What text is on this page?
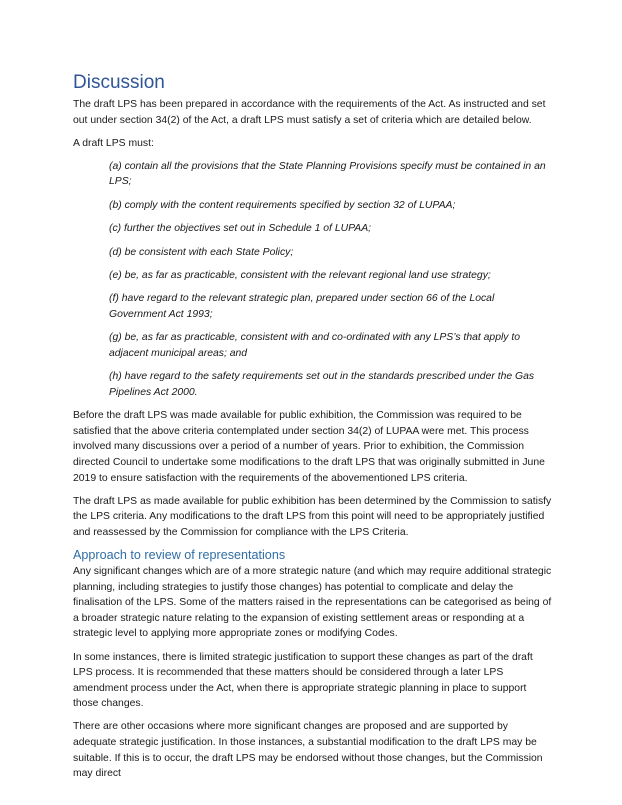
Discussion

The draft LPS has been prepared in accordance with the requirements of the Act. As instructed and set out under section 34(2) of the Act, a draft LPS must satisfy a set of criteria which are detailed below.

A draft LPS must:

(a) contain all the provisions that the State Planning Provisions specify must be contained in an LPS;
(b) comply with the content requirements specified by section 32 of LUPAA;
(c) further the objectives set out in Schedule 1 of LUPAA;
(d) be consistent with each State Policy;
(e) be, as far as practicable, consistent with the relevant regional land use strategy;
(f) have regard to the relevant strategic plan, prepared under section 66 of the Local Government Act 1993;
(g) be, as far as practicable, consistent with and co-ordinated with any LPS’s that apply to adjacent municipal areas; and
(h) have regard to the safety requirements set out in the standards prescribed under the Gas Pipelines Act 2000.

Before the draft LPS was made available for public exhibition, the Commission was required to be satisfied that the above criteria contemplated under section 34(2) of LUPAA were met. This process involved many discussions over a period of a number of years. Prior to exhibition, the Commission directed Council to undertake some modifications to the draft LPS that was originally submitted in June 2019 to ensure satisfaction with the requirements of the abovementioned LPS criteria.

The draft LPS as made available for public exhibition has been determined by the Commission to satisfy the LPS criteria. Any modifications to the draft LPS from this point will need to be appropriately justified and reassessed by the Commission for compliance with the LPS Criteria.

Approach to review of representations

Any significant changes which are of a more strategic nature (and which may require additional strategic planning, including strategies to justify those changes) has potential to complicate and delay the finalisation of the LPS. Some of the matters raised in the representations can be categorised as being of a broader strategic nature relating to the expansion of existing settlement areas or responding at a strategic level to applying more appropriate zones or modifying Codes.

In some instances, there is limited strategic justification to support these changes as part of the draft LPS process. It is recommended that these matters should be considered through a later LPS amendment process under the Act, when there is appropriate strategic planning in place to support those changes.

There are other occasions where more significant changes are proposed and are supported by adequate strategic justification. In those instances, a substantial modification to the draft LPS may be suitable. If this is to occur, the draft LPS may be endorsed without those changes, but the Commission may direct
